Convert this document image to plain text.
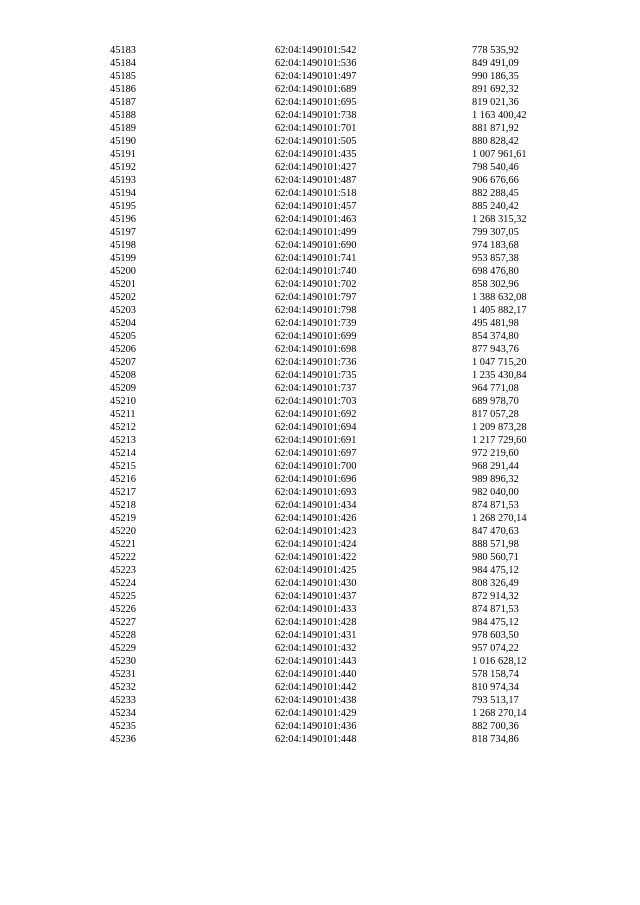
45183	62:04:1490101:542	778 535,92
45184	62:04:1490101:536	849 491,09
45185	62:04:1490101:497	990 186,35
45186	62:04:1490101:689	891 692,32
45187	62:04:1490101:695	819 021,36
45188	62:04:1490101:738	1 163 400,42
45189	62:04:1490101:701	881 871,92
45190	62:04:1490101:505	880 828,42
45191	62:04:1490101:435	1 007 961,61
45192	62:04:1490101:427	798 540,46
45193	62:04:1490101:487	906 676,66
45194	62:04:1490101:518	882 288,45
45195	62:04:1490101:457	885 240,42
45196	62:04:1490101:463	1 268 315,32
45197	62:04:1490101:499	799 307,05
45198	62:04:1490101:690	974 183,68
45199	62:04:1490101:741	953 857,38
45200	62:04:1490101:740	698 476,80
45201	62:04:1490101:702	858 302,96
45202	62:04:1490101:797	1 388 632,08
45203	62:04:1490101:798	1 405 882,17
45204	62:04:1490101:739	495 481,98
45205	62:04:1490101:699	854 374,80
45206	62:04:1490101:698	877 943,76
45207	62:04:1490101:736	1 047 715,20
45208	62:04:1490101:735	1 235 430,84
45209	62:04:1490101:737	964 771,08
45210	62:04:1490101:703	689 978,70
45211	62:04:1490101:692	817 057,28
45212	62:04:1490101:694	1 209 873,28
45213	62:04:1490101:691	1 217 729,60
45214	62:04:1490101:697	972 219,60
45215	62:04:1490101:700	968 291,44
45216	62:04:1490101:696	989 896,32
45217	62:04:1490101:693	982 040,00
45218	62:04:1490101:434	874 871,53
45219	62:04:1490101:426	1 268 270,14
45220	62:04:1490101:423	847 470,63
45221	62:04:1490101:424	888 571,98
45222	62:04:1490101:422	980 560,71
45223	62:04:1490101:425	984 475,12
45224	62:04:1490101:430	808 326,49
45225	62:04:1490101:437	872 914,32
45226	62:04:1490101:433	874 871,53
45227	62:04:1490101:428	984 475,12
45228	62:04:1490101:431	978 603,50
45229	62:04:1490101:432	957 074,22
45230	62:04:1490101:443	1 016 628,12
45231	62:04:1490101:440	578 158,74
45232	62:04:1490101:442	810 974,34
45233	62:04:1490101:438	793 513,17
45234	62:04:1490101:429	1 268 270,14
45235	62:04:1490101:436	882 700,36
45236	62:04:1490101:448	818 734,86
